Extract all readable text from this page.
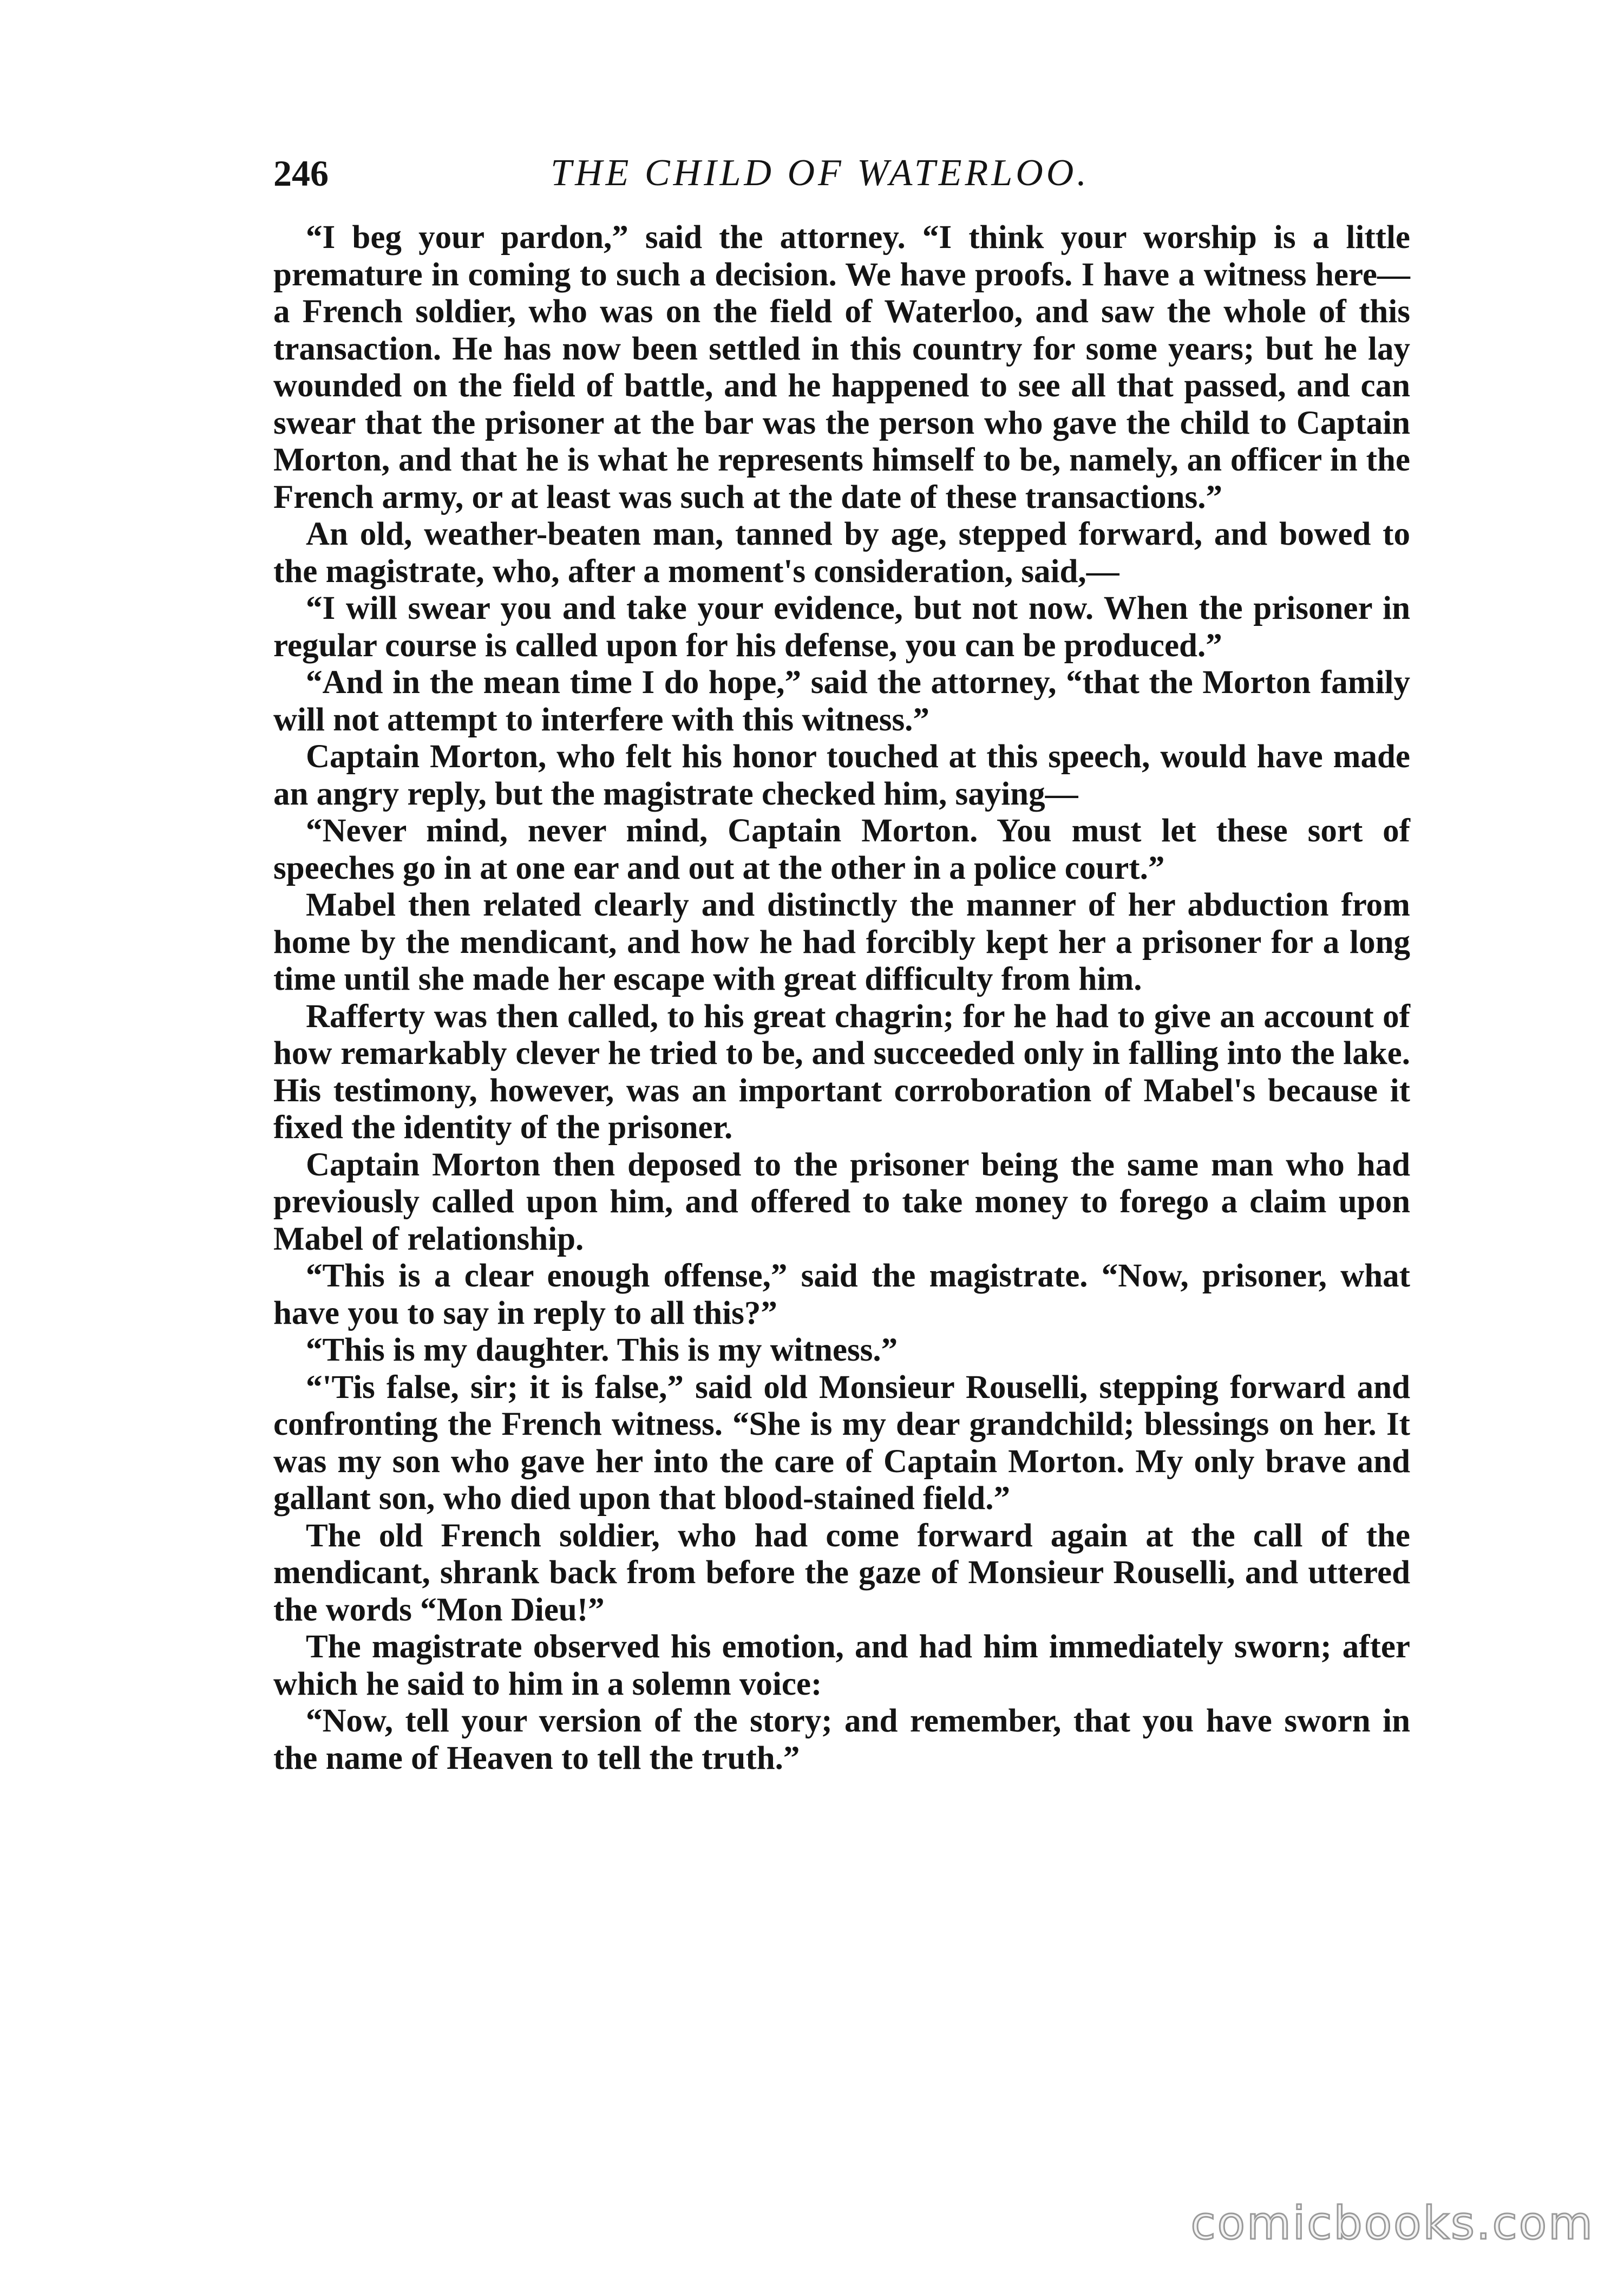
246	THE CHILD OF WATERLOO.

“I beg your pardon,” said the attorney. “I think your worship is a little premature in coming to such a decision. We have proofs. I have a witness here—a French soldier, who was on the field of Waterloo, and saw the whole of this transaction. He has now been settled in this country for some years; but he lay wounded on the field of battle, and he happened to see all that passed, and can swear that the prisoner at the bar was the person who gave the child to Captain Morton, and that he is what he represents himself to be, namely, an officer in the French army, or at least was such at the date of these transactions.”

An old, weather-beaten man, tanned by age, stepped forward, and bowed to the magistrate, who, after a moment's consideration, said,—

“I will swear you and take your evidence, but not now. When the prisoner in regular course is called upon for his defense, you can be produced.”

“And in the mean time I do hope,” said the attorney, “that the Morton family will not attempt to interfere with this witness.”

Captain Morton, who felt his honor touched at this speech, would have made an angry reply, but the magistrate checked him, saying—

“Never mind, never mind, Captain Morton. You must let these sort of speeches go in at one ear and out at the other in a police court.”

Mabel then related clearly and distinctly the manner of her abduction from home by the mendicant, and how he had forcibly kept her a prisoner for a long time until she made her escape with great difficulty from him.

Rafferty was then called, to his great chagrin; for he had to give an account of how remarkably clever he tried to be, and succeeded only in falling into the lake. His testimony, however, was an important corroboration of Mabel's because it fixed the identity of the prisoner.

Captain Morton then deposed to the prisoner being the same man who had previously called upon him, and offered to take money to forego a claim upon Mabel of relationship.

“This is a clear enough offense,” said the magistrate. “Now, prisoner, what have you to say in reply to all this?”

“This is my daughter. This is my witness.”

“'Tis false, sir; it is false,” said old Monsieur Rouselli, stepping forward and confronting the French witness. “She is my dear grandchild; blessings on her. It was my son who gave her into the care of Captain Morton. My only brave and gallant son, who died upon that blood-stained field.”

The old French soldier, who had come forward again at the call of the mendicant, shrank back from before the gaze of Monsieur Rouselli, and uttered the words “Mon Dieu!”

The magistrate observed his emotion, and had him immediately sworn; after which he said to him in a solemn voice:

“Now, tell your version of the story; and remember, that you have sworn in the name of Heaven to tell the truth.”

comicbooks.com
